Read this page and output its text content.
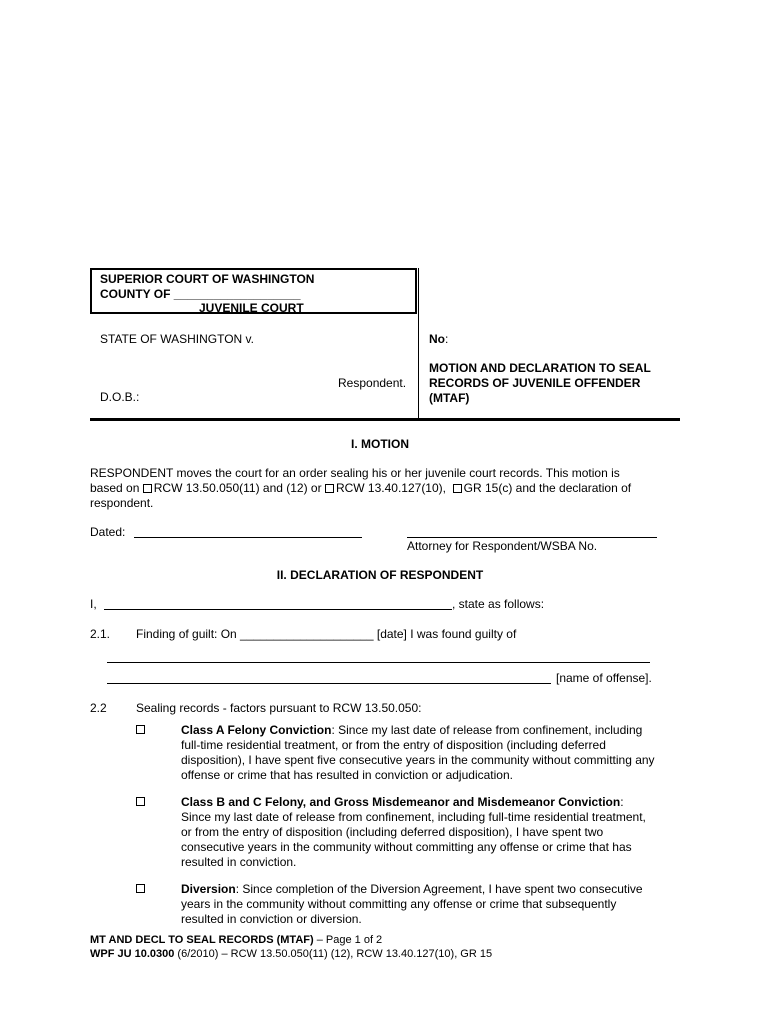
SUPERIOR COURT OF WASHINGTON
COUNTY OF ___________________
JUVENILE COURT
STATE OF WASHINGTON v.
Respondent.
D.O.B.:
No:
MOTION AND DECLARATION TO SEAL
RECORDS OF JUVENILE OFFENDER
(MTAF)
I. MOTION
RESPONDENT moves the court for an order sealing his or her juvenile court records. This motion is
based on RCW 13.50.050(11) and (12) or RCW 13.40.127(10), GR 15(c) and the declaration of
respondent.
Dated:
Attorney for Respondent/WSBA No.
II. DECLARATION OF RESPONDENT
I,	, state as follows:
2.1. Finding of guilt: On ____________________ [date] I was found guilty of
[name of offense].
2.2 Sealing records - factors pursuant to RCW 13.50.050:
Class A Felony Conviction: Since my last date of release from confinement, including
full-time residential treatment, or from the entry of disposition (including deferred
disposition), I have spent five consecutive years in the community without committing any
offense or crime that has resulted in conviction or adjudication.
Class B and C Felony, and Gross Misdemeanor and Misdemeanor Conviction:
Since my last date of release from confinement, including full-time residential treatment,
or from the entry of disposition (including deferred disposition), I have spent two
consecutive years in the community without committing any offense or crime that has
resulted in conviction.
Diversion: Since completion of the Diversion Agreement, I have spent two consecutive
years in the community without committing any offense or crime that subsequently
resulted in conviction or diversion.
MT AND DECL TO SEAL RECORDS (MTAF) – Page 1 of 2
WPF JU 10.0300 (6/2010) – RCW 13.50.050(11) (12), RCW 13.40.127(10), GR 15
